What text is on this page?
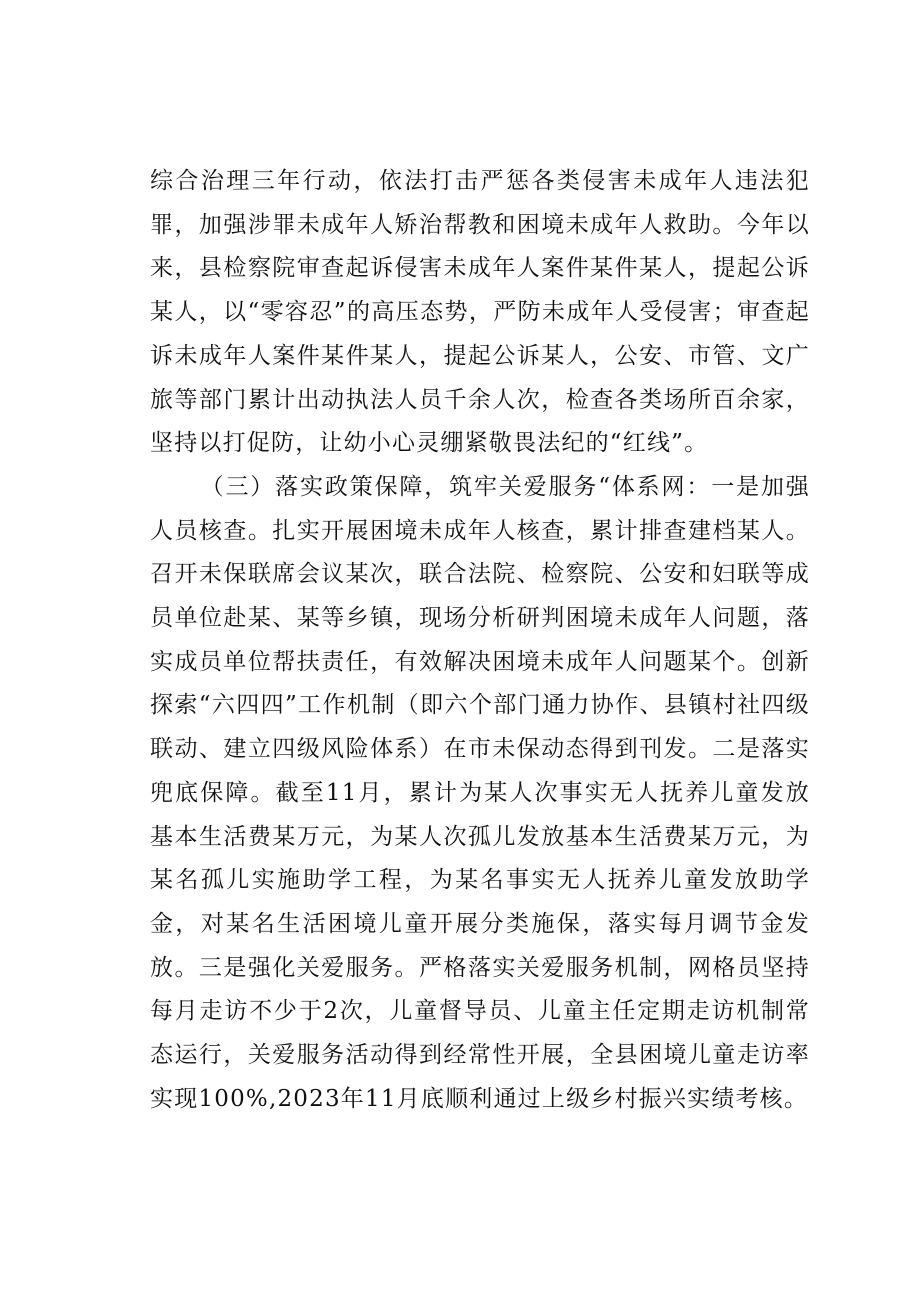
综合治理三年行动，依法打击严惩各类侵害未成年人违法犯罪，加强涉罪未成年人矫治帮教和困境未成年人救助。今年以来，县检察院审查起诉侵害未成年人案件某件某人，提起公诉某人，以“零容忍”的高压态势，严防未成年人受侵害；审查起诉未成年人案件某件某人，提起公诉某人，公安、市管、文广旅等部门累计出动执法人员千余人次，检查各类场所百余家，坚持以打促防，让幼小心灵绷紧敬畏法纪的“红线”。

（三）落实政策保障，筑牢关爱服务“体系网：一是加强人员核查。扎实开展困境未成年人核查，累计排查建档某人。召开未保联席会议某次，联合法院、检察院、公安和妇联等成员单位赴某、某等乡镇，现场分析研判困境未成年人问题，落实成员单位帮扶责任，有效解决困境未成年人问题某个。创新探索“六四四”工作机制（即六个部门通力协作、县镇村社四级联动、建立四级风险体系）在市未保动态得到刊发。二是落实兜底保障。截至11月，累计为某人次事实无人抚养儿童发放基本生活费某万元，为某人次孤儿发放基本生活费某万元，为某名孤儿实施助学工程，为某名事实无人抚养儿童发放助学金，对某名生活困境儿童开展分类施保，落实每月调节金发放。三是强化关爱服务。严格落实关爱服务机制，网格员坚持每月走访不少于2次，儿童督导员、儿童主任定期走访机制常态运行，关爱服务活动得到经常性开展，全县困境儿童走访率实现100%,2023年11月底顺利通过上级乡村振兴实绩考核。
